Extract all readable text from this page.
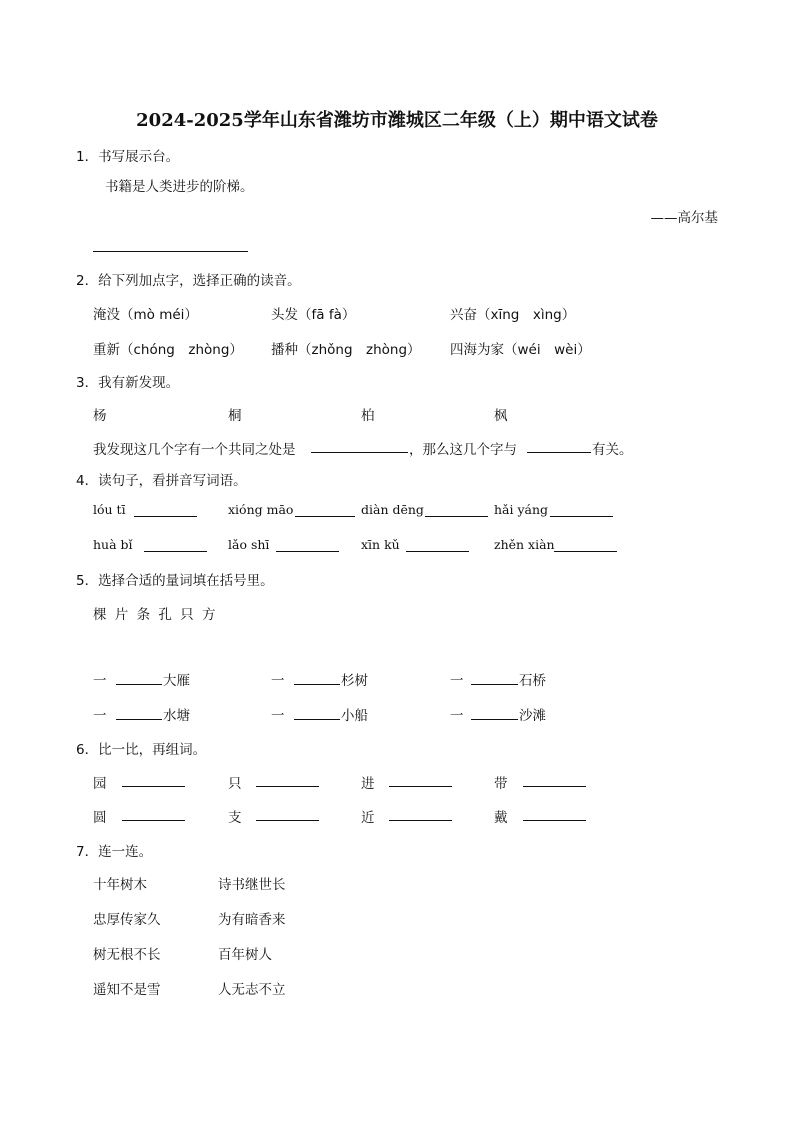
2024-2025学年山东省潍坊市潍城区二年级（上）期中语文试卷
1．书写展示台。
书籍是人类进步的阶梯。
——高尔基
2．给下列加点字，选择正确的读音。
淹没（mò méi）	头发（fā fà）	兴奋（xīng　xìng）
重新（chóng　zhòng） 播种（zhǒng　zhòng） 四海为家（wéi　wèi）
3．我有新发现。
杨	桐	柏	枫
我发现这几个字有一个共同之处是	，那么这几个字与	有关。
4．读句子，看拼音写词语。
lóu tī	xióng māo	diàn dēng	hǎi yáng
huà bǐ	lǎo shī	xīn kǔ	zhěn xiàn
5．选择合适的量词填在括号里。
棵 片 条 孔 只 方
一	大雁	一	杉树	一	石桥
一	水塘	一	小船	一	沙滩
6．比一比，再组词。
园	只	进	带
圆	支	近	戴
7．连一连。
十年树木	诗书继世长
忠厚传家久	为有暗香来
树无根不长	百年树人
遥知不是雪	人无志不立
